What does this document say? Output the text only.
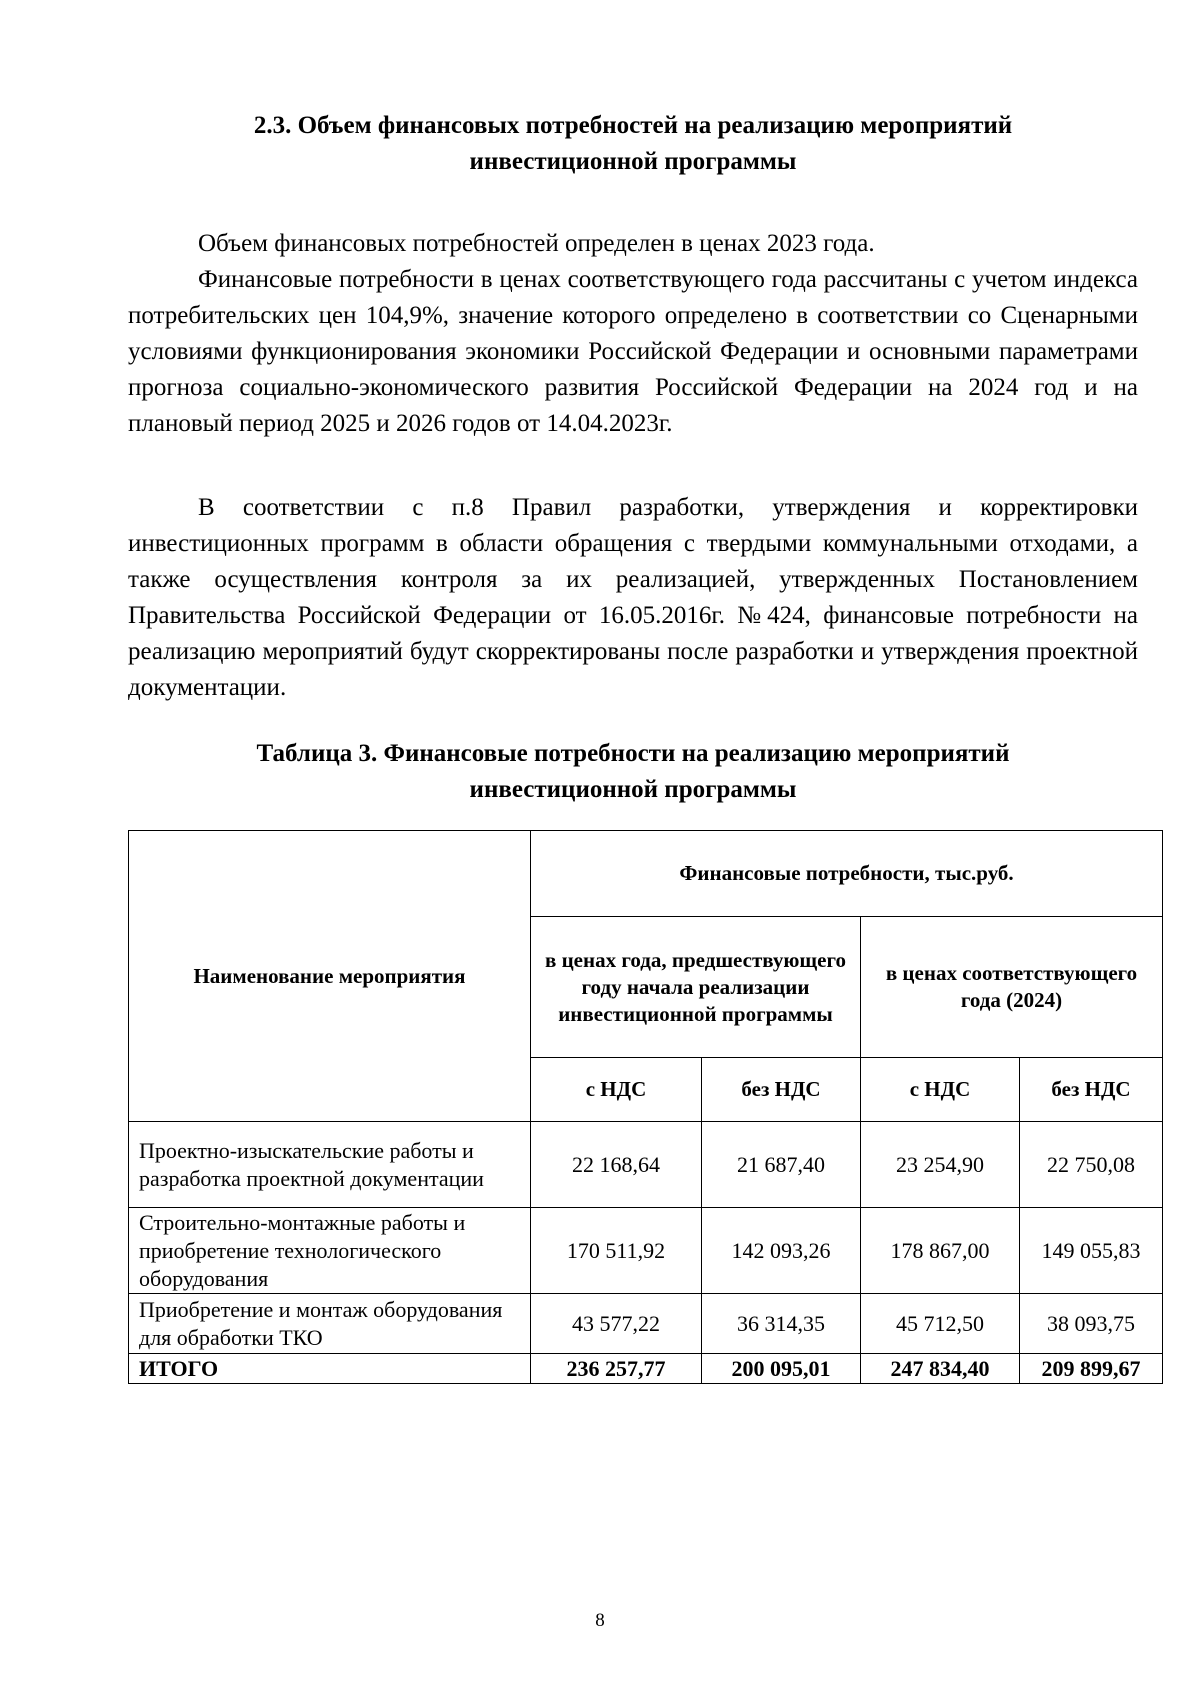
2.3. Объем финансовых потребностей на реализацию мероприятий
инвестиционной программы

Объем финансовых потребностей определен в ценах 2023 года.

Финансовые потребности в ценах соответствующего года рассчитаны с учетом индекса потребительских цен 104,9%, значение которого определено в соответствии со Сценарными условиями функционирования экономики Российской Федерации и основными параметрами прогноза социально-экономического развития Российской Федерации на 2024 год и на плановый период 2025 и 2026 годов от 14.04.2023г.

В соответствии с п.8 Правил разработки, утверждения и корректировки инвестиционных программ в области обращения с твердыми коммунальными отходами, а также осуществления контроля за их реализацией, утвержденных Постановлением Правительства Российской Федерации от 16.05.2016г. №424, финансовые потребности на реализацию мероприятий будут скорректированы после разработки и утверждения проектной документации.

Таблица 3. Финансовые потребности на реализацию мероприятий
инвестиционной программы
Наименование мероприятия	Финансовые потребности, тыс.руб.			
	в ценах года, предшествующего году начала реализации инвестиционной программы		в ценах соответствующего года (2024)	
	с НДС	без НДС	с НДС	без НДС
Проектно-изыскательские работы и разработка проектной документации	22 168,64	21 687,40	23 254,90	22 750,08
Строительно-монтажные работы и приобретение технологического оборудования	170 511,92	142 093,26	178 867,00	149 055,83
Приобретение и монтаж оборудования для обработки ТКО	43 577,22	36 314,35	45 712,50	38 093,75
ИТОГО	236 257,77	200 095,01	247 834,40	209 899,67
8
